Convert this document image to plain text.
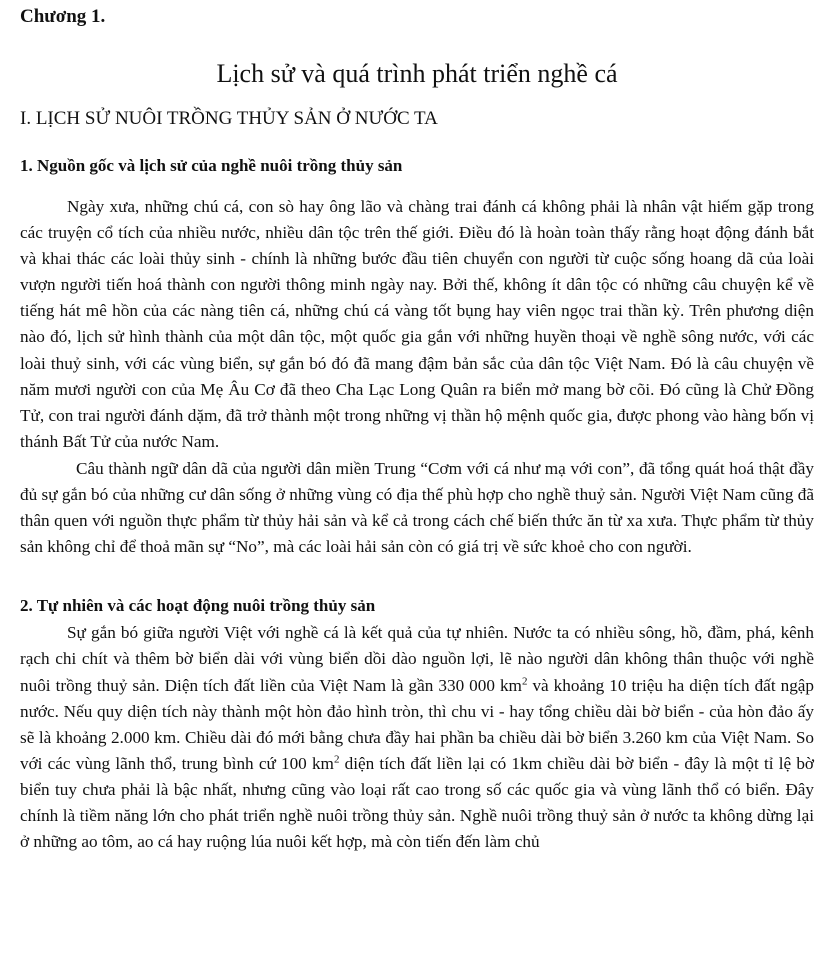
Chương 1.
Lịch sử và quá trình phát triển nghề cá
I. LỊCH SỬ NUÔI TRỒNG THỦY SẢN Ở NƯỚC TA
1. Nguồn gốc và lịch sử của nghề nuôi trồng thủy sản

Ngày xưa, những chú cá, con sò hay ông lão và chàng trai đánh cá không phải là nhân vật hiếm gặp trong các truyện cổ tích của nhiều nước, nhiều dân tộc trên thế giới. Điều đó là hoàn toàn thấy rằng hoạt động đánh bắt và khai thác các loài thủy sinh - chính là những bước đầu tiên chuyển con người từ cuộc sống hoang dã của loài vượn người tiến hoá thành con người thông minh ngày nay. Bởi thế, không ít dân tộc có những câu chuyện kể về tiếng hát mê hồn của các nàng tiên cá, những chú cá vàng tốt bụng hay viên ngọc trai thần kỳ. Trên phương diện nào đó, lịch sử hình thành của một dân tộc, một quốc gia gắn với những huyền thoại về nghề sông nước, với các loài thuỷ sinh, với các vùng biển, sự gắn bó đó đã mang đậm bản sắc của dân tộc Việt Nam. Đó là câu chuyện về năm mươi người con của Mẹ Âu Cơ đã theo Cha Lạc Long Quân ra biển mở mang bờ cõi. Đó cũng là Chử Đồng Tử, con trai người đánh dặm, đã trở thành một trong những vị thần hộ mệnh quốc gia, được phong vào hàng bốn vị thánh Bất Tử của nước Nam.

Câu thành ngữ dân dã của người dân miền Trung “Cơm với cá như mạ với con”, đã tổng quát hoá thật đầy đủ sự gắn bó của những cư dân sống ở những vùng có địa thế phù hợp cho nghề thuỷ sản. Người Việt Nam cũng đã thân quen với nguồn thực phẩm từ thủy hải sản và kể cả trong cách chế biến thức ăn từ xa xưa. Thực phẩm từ thủy sản không chỉ để thoả mãn sự “No”, mà các loài hải sản còn có giá trị về sức khoẻ cho con người.

2. Tự nhiên và các hoạt động nuôi trồng thủy sản

Sự gắn bó giữa người Việt với nghề cá là kết quả của tự nhiên. Nước ta có nhiều sông, hồ, đầm, phá, kênh rạch chi chít và thêm bờ biển dài với vùng biển dồi dào nguồn lợi, lẽ nào người dân không thân thuộc với nghề nuôi trồng thuỷ sản. Diện tích đất liền của Việt Nam là gần 330 000 $km^2$ và khoảng 10 triệu ha diện tích đất ngập nước. Nếu quy diện tích này thành một hòn đảo hình tròn, thì chu vi - hay tổng chiều dài bờ biển - của hòn đảo ấy sẽ là khoảng 2.000 km. Chiều dài đó mới bằng chưa đầy hai phần ba chiều dài bờ biển 3.260 km của Việt Nam. So với các vùng lãnh thổ, trung bình cứ 100 $km^2$ diện tích đất liền lại có 1km chiều dài bờ biển - đây là một tỉ lệ bờ biển tuy chưa phải là bậc nhất, nhưng cũng vào loại rất cao trong số các quốc gia và vùng lãnh thổ có biển. Đây chính là tiềm năng lớn cho phát triển nghề nuôi trồng thủy sản. Nghề nuôi trồng thuỷ sản ở nước ta không dừng lại ở những ao tôm, ao cá hay ruộng lúa nuôi kết hợp, mà còn tiến đến làm chủ
